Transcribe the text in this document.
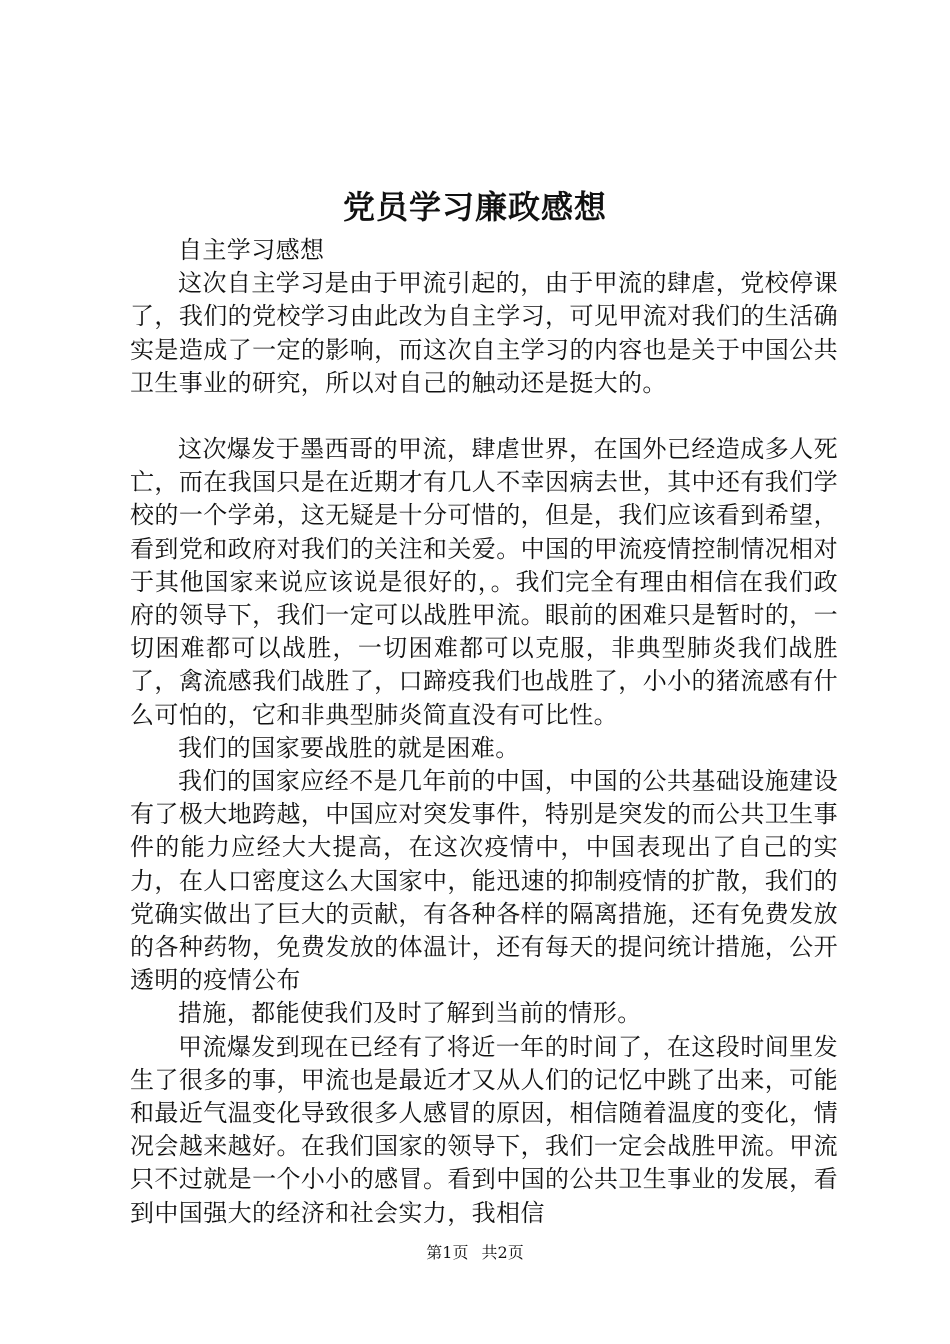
党员学习廉政感想

自主学习感想

这次自主学习是由于甲流引起的，由于甲流的肆虐，党校停课了，我们的党校学习由此改为自主学习，可见甲流对我们的生活确实是造成了一定的影响，而这次自主学习的内容也是关于中国公共卫生事业的研究，所以对自己的触动还是挺大的。

这次爆发于墨西哥的甲流，肆虐世界，在国外已经造成多人死亡，而在我国只是在近期才有几人不幸因病去世，其中还有我们学校的一个学弟，这无疑是十分可惜的，但是，我们应该看到希望，看到党和政府对我们的关注和关爱。中国的甲流疫情控制情况相对于其他国家来说应该说是很好的，。我们完全有理由相信在我们政府的领导下，我们一定可以战胜甲流。眼前的困难只是暂时的，一切困难都可以战胜，一切困难都可以克服，非典型肺炎我们战胜了，禽流感我们战胜了，口蹄疫我们也战胜了，小小的猪流感有什么可怕的，它和非典型肺炎简直没有可比性。

我们的国家要战胜的就是困难。

我们的国家应经不是几年前的中国，中国的公共基础设施建设有了极大地跨越，中国应对突发事件，特别是突发的而公共卫生事件的能力应经大大提高，在这次疫情中，中国表现出了自己的实力，在人口密度这么大国家中，能迅速的抑制疫情的扩散，我们的党确实做出了巨大的贡献，有各种各样的隔离措施，还有免费发放的各种药物，免费发放的体温计，还有每天的提问统计措施，公开透明的疫情公布

措施，都能使我们及时了解到当前的情形。

甲流爆发到现在已经有了将近一年的时间了，在这段时间里发生了很多的事，甲流也是最近才又从人们的记忆中跳了出来，可能和最近气温变化导致很多人感冒的原因，相信随着温度的变化，情况会越来越好。在我们国家的领导下，我们一定会战胜甲流。甲流只不过就是一个小小的感冒。看到中国的公共卫生事业的发展，看到中国强大的经济和社会实力，我相信

第1页 共2页
